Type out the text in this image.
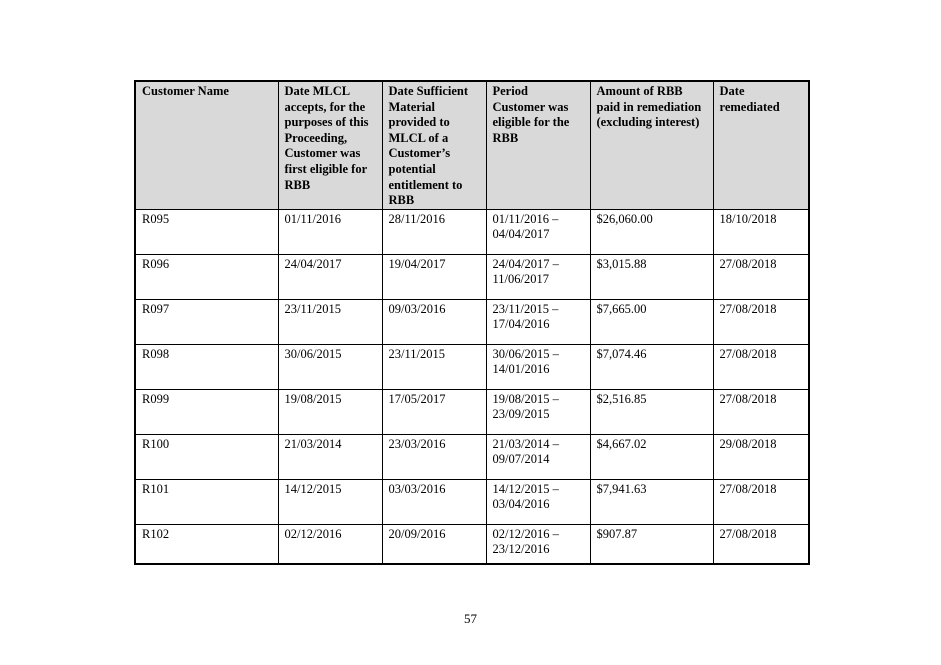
Customer Name	Date MLCL accepts, for the purposes of this Proceeding, Customer was first eligible for RBB	Date Sufficient Material provided to MLCL of a Customer’s potential entitlement to RBB	Period Customer was eligible for the RBB	Amount of RBB paid in remediation (excluding interest)	Date remediated
R095	01/11/2016	28/11/2016	01/11/2016 – 04/04/2017	$26,060.00	18/10/2018
R096	24/04/2017	19/04/2017	24/04/2017 – 11/06/2017	$3,015.88	27/08/2018
R097	23/11/2015	09/03/2016	23/11/2015 – 17/04/2016	$7,665.00	27/08/2018
R098	30/06/2015	23/11/2015	30/06/2015 – 14/01/2016	$7,074.46	27/08/2018
R099	19/08/2015	17/05/2017	19/08/2015 – 23/09/2015	$2,516.85	27/08/2018
R100	21/03/2014	23/03/2016	21/03/2014 – 09/07/2014	$4,667.02	29/08/2018
R101	14/12/2015	03/03/2016	14/12/2015 – 03/04/2016	$7,941.63	27/08/2018
R102	02/12/2016	20/09/2016	02/12/2016 – 23/12/2016	$907.87	27/08/2018
57
